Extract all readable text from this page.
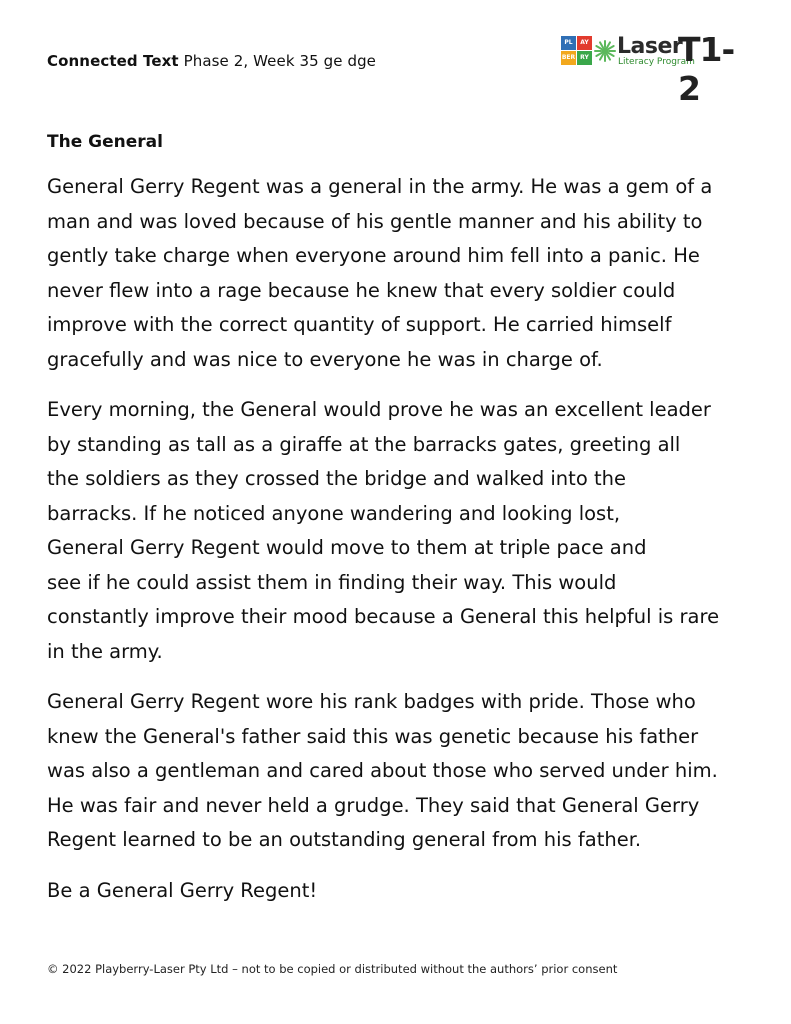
Connected Text Phase 2, Week 35 ge dge
PL	AY
BER RY Laser
Literacy Program
T1-2
The General

General Gerry Regent was a general in the army. He was a gem of a
man and was loved because of his gentle manner and his ability to
gently take charge when everyone around him fell into a panic. He
never flew into a rage because he knew that every soldier could
improve with the correct quantity of support. He carried himself
gracefully and was nice to everyone he was in charge of.

Every morning, the General would prove he was an excellent leader
by standing as tall as a giraffe at the barracks gates, greeting all
the soldiers as they crossed the bridge and walked into the
barracks. If he noticed anyone wandering and looking lost,
General Gerry Regent would move to them at triple pace and
see if he could assist them in finding their way. This would
constantly improve their mood because a General this helpful is rare
in the army.

General Gerry Regent wore his rank badges with pride. Those who
knew the General's father said this was genetic because his father
was also a gentleman and cared about those who served under him.
He was fair and never held a grudge. They said that General Gerry
Regent learned to be an outstanding general from his father.

Be a General Gerry Regent!

© 2022 Playberry-Laser Pty Ltd – not to be copied or distributed without the authors’ prior consent
